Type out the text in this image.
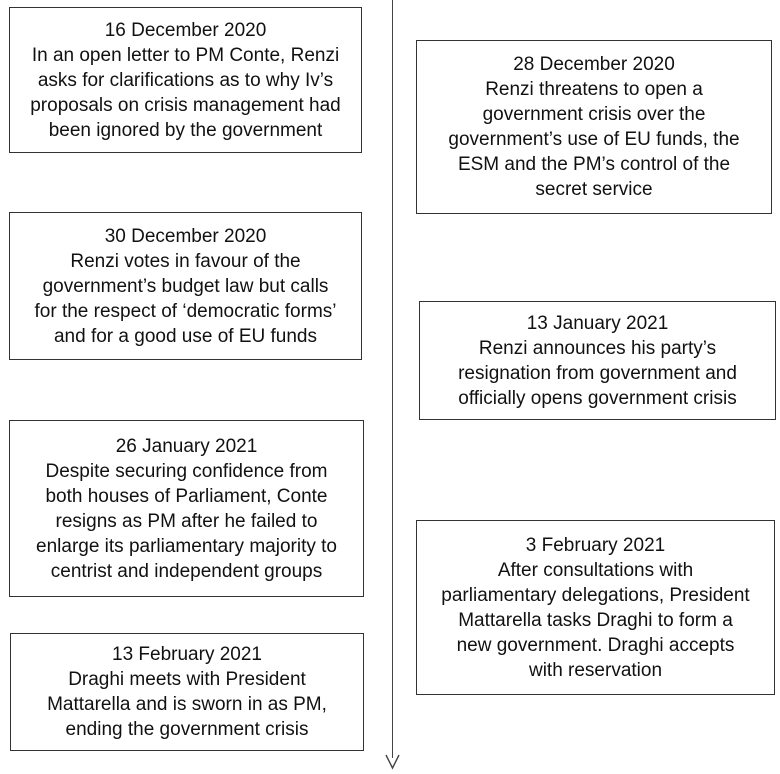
16 December 2020
In an open letter to PM Conte, Renzi
asks for clarifications as to why Iv’s
proposals on crisis management had
been ignored by the government
28 December 2020
Renzi threatens to open a
government crisis over the
government’s use of EU funds, the
ESM and the PM’s control of the
secret service
30 December 2020
Renzi votes in favour of the
government’s budget law but calls
for the respect of ‘democratic forms’
and for a good use of EU funds
13 January 2021
Renzi announces his party’s
resignation from government and
officially opens government crisis
26 January 2021
Despite securing confidence from
both houses of Parliament, Conte
resigns as PM after he failed to
enlarge its parliamentary majority to
centrist and independent groups
3 February 2021
After consultations with
parliamentary delegations, President
Mattarella tasks Draghi to form a
new government. Draghi accepts
with reservation
13 February 2021
Draghi meets with President
Mattarella and is sworn in as PM,
ending the government crisis
